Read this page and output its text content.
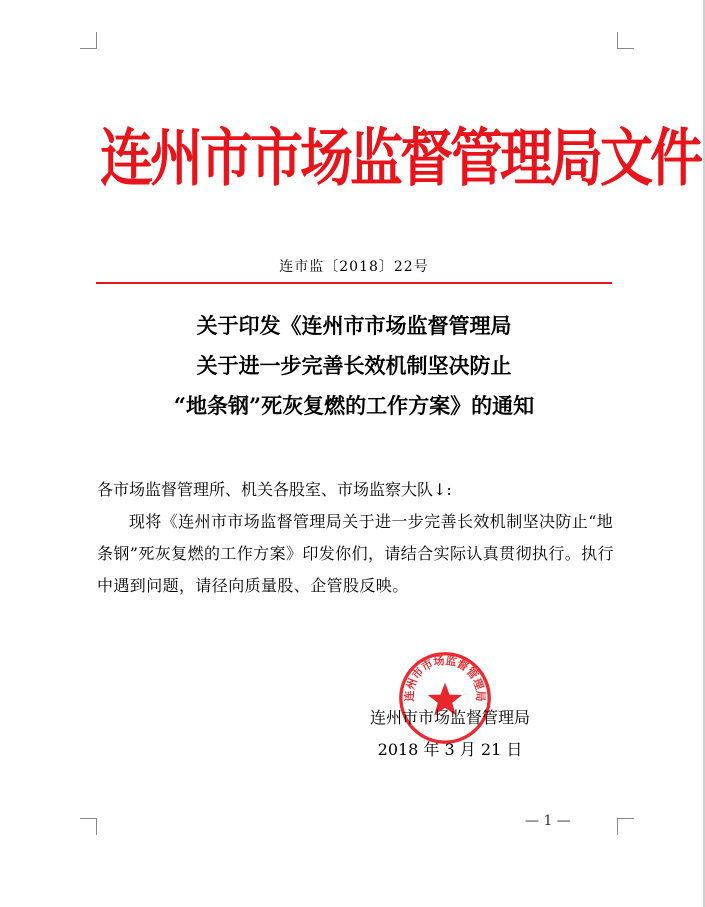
连州市市场监督管理局文件
连市监〔2018〕22号
关于印发《连州市市场监督管理局
关于进一步完善长效机制坚决防止
“地条钢”死灰复燃的工作方案》的通知
各市场监督管理所、机关各股室、市场监察大队↓:
现将《连州市市场监督管理局关于进一步完善长效机制坚决防止“地条钢”死灰复燃的工作方案》印发你们，请结合实际认真贯彻执行。执行中遇到问题，请径向质量股、企管股反映。
连州市市场监督管理局
连州市市场监督管理局
2018 年 3 月 21 日
— 1 —
